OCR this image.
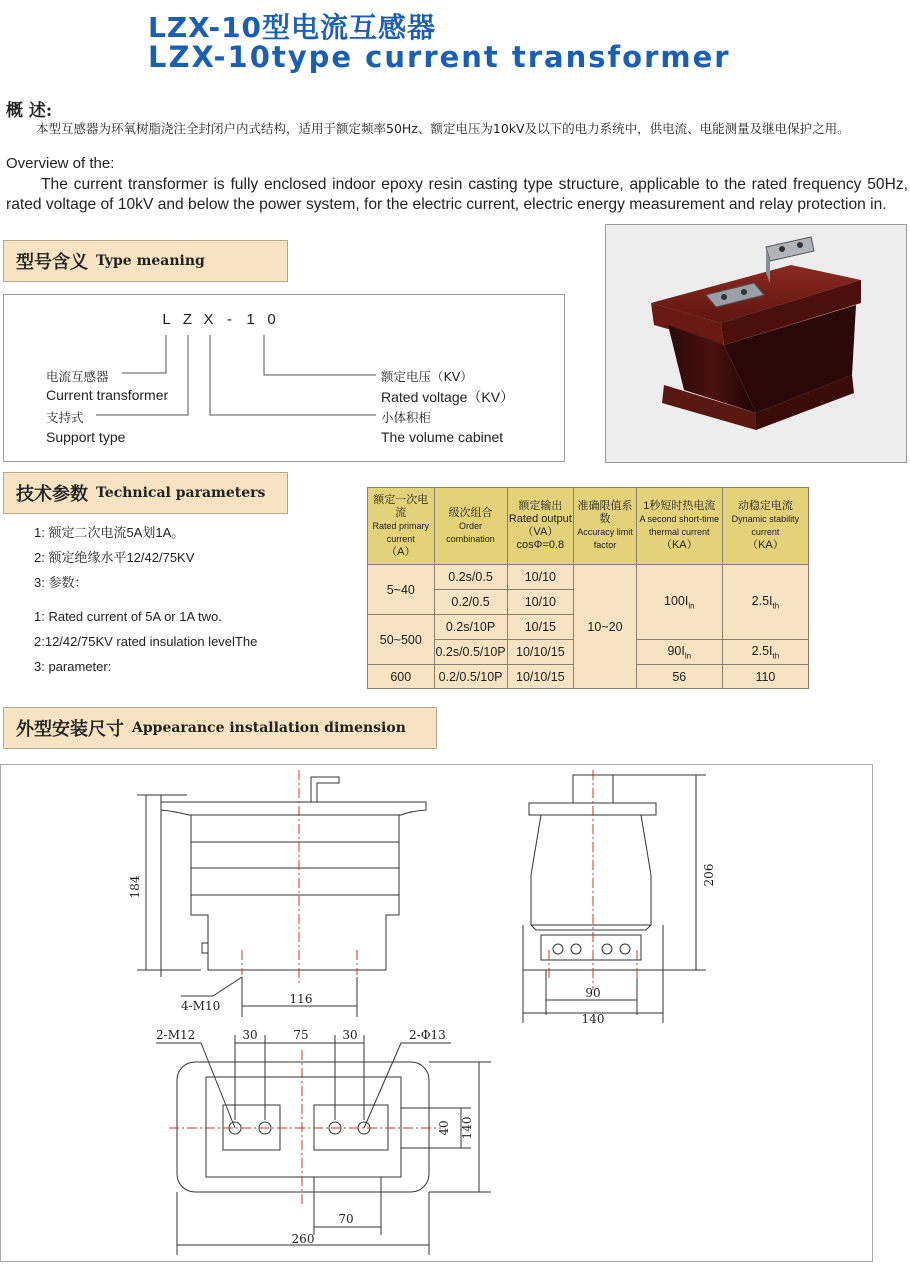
LZX-10型电流互感器
LZX-10type current transformer
概 述:
本型互感器为环氧树脂浇注全封闭户内式结构，适用于额定频率50Hz、额定电压为10kV及以下的电力系统中，供电流、电能测量及继电保护之用。
Overview of the:
The current transformer is fully enclosed indoor epoxy resin casting type structure, applicable to the rated frequency 50Hz, rated voltage of 10kV and below the power system, for the electric current, electric energy measurement and relay protection in.
型号含义 Type meaning
L Z X - 1 0
电流互感器
Current transformer
支持式
Support type
额定电压（KV）
Rated voltage（KV）
小体积柜
The volume cabinet
技术参数 Technical parameters
1: 额定二次电流5A划1A。
2: 额定绝缘水平12/42/75KV
3: 参数：
1: Rated current of 5A or 1A two.
2:12/42/75KV rated insulation levelThe
3: parameter:
额定一次电流
Rated primary current
（A）	级次组合
Order combination	额定输出
Rated output
（VA）
cosΦ=0.8	准确限值系数
Accuracy limit factor	1秒短时热电流
A second short-time thermal current
（KA）	动稳定电流
Dynamic stability current
（KA）
5~40	0.2s/0.5	10/10	10~20	$100I_{ln}$	$2.5I_{th}$
	0.2/0.5	10/10			
50~500	0.2s/10P	10/15			
	0.2s/0.5/10P	10/10/15		$90I_{ln}$	$2.5I_{th}$
600	0.2/0.5/10P	10/10/15		56	110
外型安装尺寸 Appearance installation dimension
184
4-M10	116
206
90
140
2-M12	30	75	30	2-Φ13
40 140
70
260
